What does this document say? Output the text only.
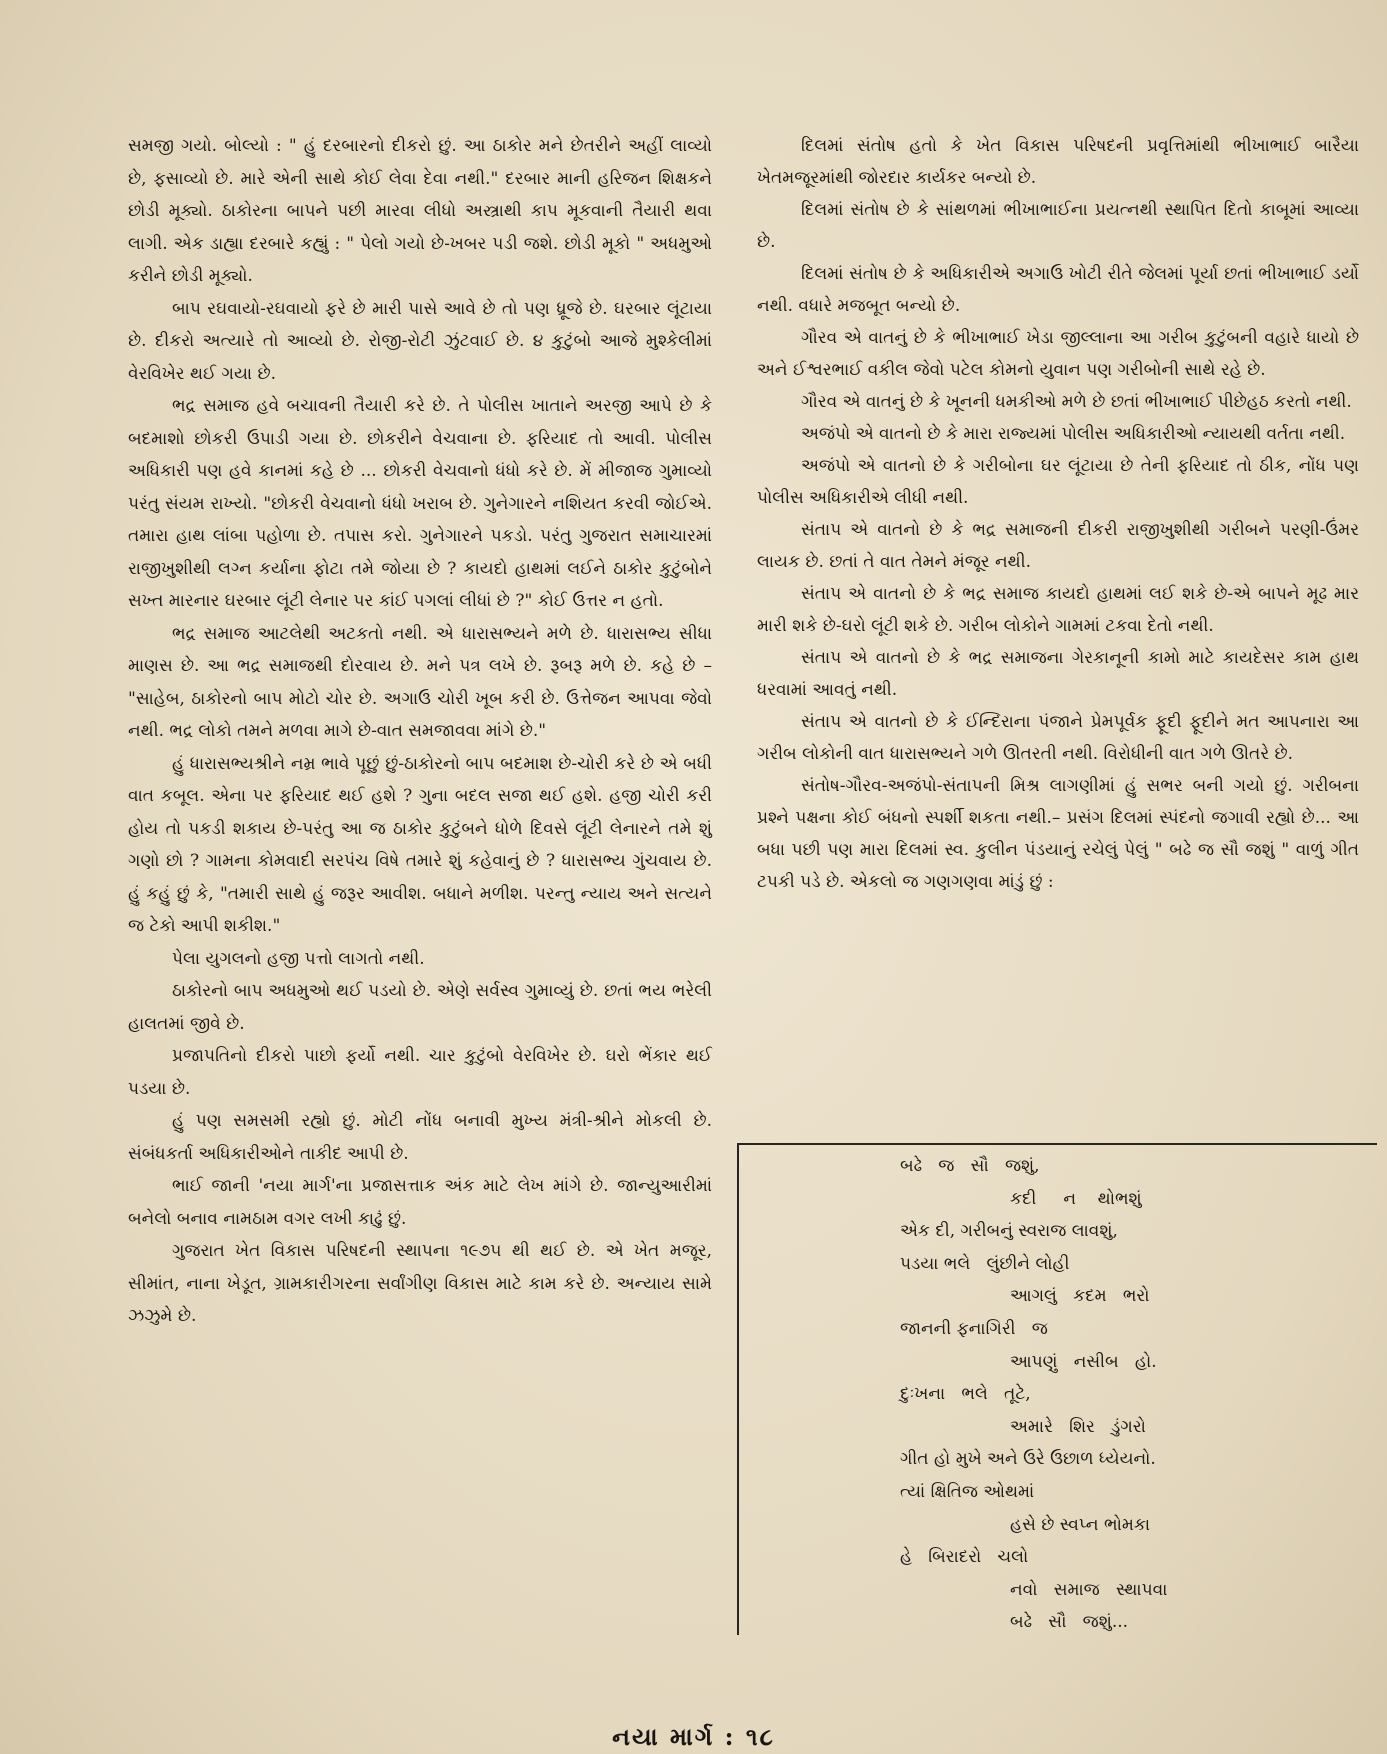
સમજી ગયો. બોલ્યો : " હું દરબારનો દીકરો છું. આ ઠાકોર મને છેતરીને અહીં લાવ્યો છે, ફસાવ્યો છે. મારે એની સાથે કોઈ લેવા દેવા નથી." દરબાર માની હરિજન શિક્ષકને છોડી મૂક્યો. ઠાકોરના બાપને પછી મારવા લીધો અસ્ત્રાથી કાપ મૂકવાની તૈયારી થવા લાગી. એક ડાહ્યા દરબારે કહ્યું : " પેલો ગયો છે-ખબર પડી જશે. છોડી મૂકો " અધમુઓ કરીને છોડી મૂક્યો.

બાપ રઘવાયો-રઘવાયો ફરે છે મારી પાસે આવે છે તો પણ ધ્રૂજે છે. ઘરબાર લૂંટાયા છે. દીકરો અત્યારે તો આવ્યો છે. રોજી-રોટી ઝુંટવાઈ છે. ૪ કુટુંબો આજે મુશ્કેલીમાં વેરવિખેર થઈ ગયા છે.

ભદ્ર સમાજ હવે બચાવની તૈયારી કરે છે. તે પોલીસ ખાતાને અરજી આપે છે કે બદમાશો છોકરી ઉપાડી ગયા છે. છોકરીને વેચવાના છે. ફરિયાદ તો આવી. પોલીસ અધિકારી પણ હવે કાનમાં કહે છે ... છોકરી વેચવાનો ધંધો કરે છે. મેં મીજાજ ગુમાવ્યો પરંતુ સંયમ રાખ્યો. "છોકરી વેચવાનો ધંધો ખરાબ છે. ગુનેગારને નશિયત કરવી જોઈએ. તમારા હાથ લાંબા પહોળા છે. તપાસ કરો. ગુનેગારને પકડો. પરંતુ ગુજરાત સમાચારમાં રાજીખુશીથી લગ્ન કર્યાના ફોટા તમે જોયા છે ? કાયદો હાથમાં લઈને ઠાકોર કુટુંબોને સખ્ત મારનાર ઘરબાર લૂંટી લેનાર પર કાંઈ પગલાં લીધાં છે ?" કોઈ ઉત્તર ન હતો.

ભદ્ર સમાજ આટલેથી અટકતો નથી. એ ધારાસભ્યને મળે છે. ધારાસભ્ય સીધા માણસ છે. આ ભદ્ર સમાજથી દોરવાય છે. મને પત્ર લખે છે. રૂબરૂ મળે છે. કહે છે – "સાહેબ, ઠાકોરનો બાપ મોટો ચોર છે. અગાઉ ચોરી ખૂબ કરી છે. ઉત્તેજન આપવા જેવો નથી. ભદ્ર લોકો તમને મળવા માગે છે-વાત સમજાવવા માંગે છે."

હું ધારાસભ્યશ્રીને નમ્ર ભાવે પૂછું છું-ઠાકોરનો બાપ બદમાશ છે-ચોરી કરે છે એ બધી વાત કબૂલ. એના પર ફરિયાદ થઈ હશે ? ગુના બદલ સજા થઈ હશે. હજી ચોરી કરી હોય તો પકડી શકાય છે-પરંતુ આ જ ઠાકોર કુટુંબને ધોળે દિવસે લૂંટી લેનારને તમે શું ગણો છો ? ગામના કોમવાદી સરપંચ વિષે તમારે શું કહેવાનું છે ? ધારાસભ્ય ગુંચવાય છે. હું કહું છું કે, "તમારી સાથે હું જરૂર આવીશ. બધાને મળીશ. પરન્તુ ન્યાય અને સત્યને જ ટેકો આપી શકીશ."

પેલા યુગલનો હજી પત્તો લાગતો નથી.

ઠાકોરનો બાપ અધમુઓ થઈ પડયો છે. એણે સર્વસ્વ ગુમાવ્યું છે. છતાં ભય ભરેલી હાલતમાં જીવે છે.

પ્રજાપતિનો દીકરો પાછો ફર્યો નથી. ચાર કુટુંબો વેરવિખેર છે. ઘરો ભેંકાર થઈ પડયા છે.

હું પણ સમસમી રહ્યો છું. મોટી નોંધ બનાવી મુખ્ય મંત્રી-શ્રીને મોકલી છે. સંબંધકર્તા અધિકારીઓને તાકીદ આપી છે.

ભાઈ જાની 'નયા માર્ગ'ના પ્રજાસત્તાક અંક માટે લેખ માંગે છે. જાન્યુઆરીમાં બનેલો બનાવ નામઠામ વગર લખી કાઢું છું.

ગુજરાત ખેત વિકાસ પરિષદની સ્થાપના ૧૯૭૫ થી થઈ છે. એ ખેત મજૂર, સીમાંત, નાના ખેડૂત, ગ્રામકારીગરના સર્વાંગીણ વિકાસ માટે કામ કરે છે. અન્યાય સામે ઝઝુમે છે.

દિલમાં સંતોષ હતો કે ખેત વિકાસ પરિષદની પ્રવૃત્તિમાંથી ભીખાભાઈ બારૈયા ખેતમજૂરમાંથી જોરદાર કાર્યકર બન્યો છે.

દિલમાં સંતોષ છે કે સાંથળમાં ભીખાભાઈના પ્રયત્નથી સ્થાપિત દિતો કાબૂમાં આવ્યા છે.

દિલમાં સંતોષ છે કે અધિકારીએ અગાઉ ખોટી રીતે જેલમાં પૂર્યા છતાં ભીખાભાઈ ડર્યો નથી. વધારે મજબૂત બન્યો છે.

ગૌરવ એ વાતનું છે કે ભીખાભાઈ ખેડા જીલ્લાના આ ગરીબ કુટુંબની વહારે ધાયો છે અને ઈશ્વરભાઈ વકીલ જેવો પટેલ કોમનો યુવાન પણ ગરીબોની સાથે રહે છે.

ગૌરવ એ વાતનું છે કે ખૂનની ધમકીઓ મળે છે છતાં ભીખાભાઈ પીછેહઠ કરતો નથી.

અજંપો એ વાતનો છે કે મારા રાજ્યમાં પોલીસ અધિકારીઓ ન્યાયથી વર્તતા નથી.

અજંપો એ વાતનો છે કે ગરીબોના ઘર લૂંટાયા છે તેની ફરિયાદ તો ઠીક, નોંધ પણ પોલીસ અધિકારીએ લીધી નથી.

સંતાપ એ વાતનો છે કે ભદ્ર સમાજની દીકરી રાજીખુશીથી ગરીબને પરણી-ઉંમર લાયક છે. છતાં તે વાત તેમને મંજૂર નથી.

સંતાપ એ વાતનો છે કે ભદ્ર સમાજ કાયદો હાથમાં લઈ શકે છે-એ બાપને મૂઢ માર મારી શકે છે-ઘરો લૂંટી શકે છે. ગરીબ લોકોને ગામમાં ટકવા દેતો નથી.

સંતાપ એ વાતનો છે કે ભદ્ર સમાજના ગેરકાનૂની કામો માટે કાયદેસર કામ હાથ ધરવામાં આવતું નથી.

સંતાપ એ વાતનો છે કે ઈન્દિરાના પંજાને પ્રેમપૂર્વક ફૂદી ફૂદીને મત આપનારા આ ગરીબ લોકોની વાત ધારાસભ્યને ગળે ઊતરતી નથી. વિરોધીની વાત ગળે ઊતરે છે.

સંતોષ-ગૌરવ-અજંપો-સંતાપની મિશ્ર લાગણીમાં હું સભર બની ગયો છું. ગરીબના પ્રશ્ને પક્ષના કોઈ બંધનો સ્પર્શી શકતા નથી.– પ્રસંગ દિલમાં સ્પંદનો જગાવી રહ્યો છે... આ બધા પછી પણ મારા દિલમાં સ્વ. કુલીન પંડયાનું રચેલું પેલું " બઢે જ સૌ જશું " વાળું ગીત ટપકી પડે છે. એકલો જ ગણગણવા માંડું છું :

બઢે   જ   સૌ   જશું,
કદી     ન    થોભશું
એક દી, ગરીબનું સ્વરાજ લાવશું,
પડયા ભલે   લુંછીને લોહી
આગલું   કદમ   ભરો
જાનની ફનાગિરી   જ
આપણું   નસીબ   હો.
દુઃખના   ભલે   તૂટે,
અમારે   શિર   ડુંગરો
ગીત હો મુખે અને ઉરે ઉછાળ ધ્યેયનો.
ત્યાં ક્ષિતિજ ઓથમાં
હસે છે સ્વપ્ન ભોમકા
હે   બિરાદરો   ચલો
નવો   સમાજ   સ્થાપવા
બઢે   સૌ   જશું...
નયા માર્ગ : ૧૮
